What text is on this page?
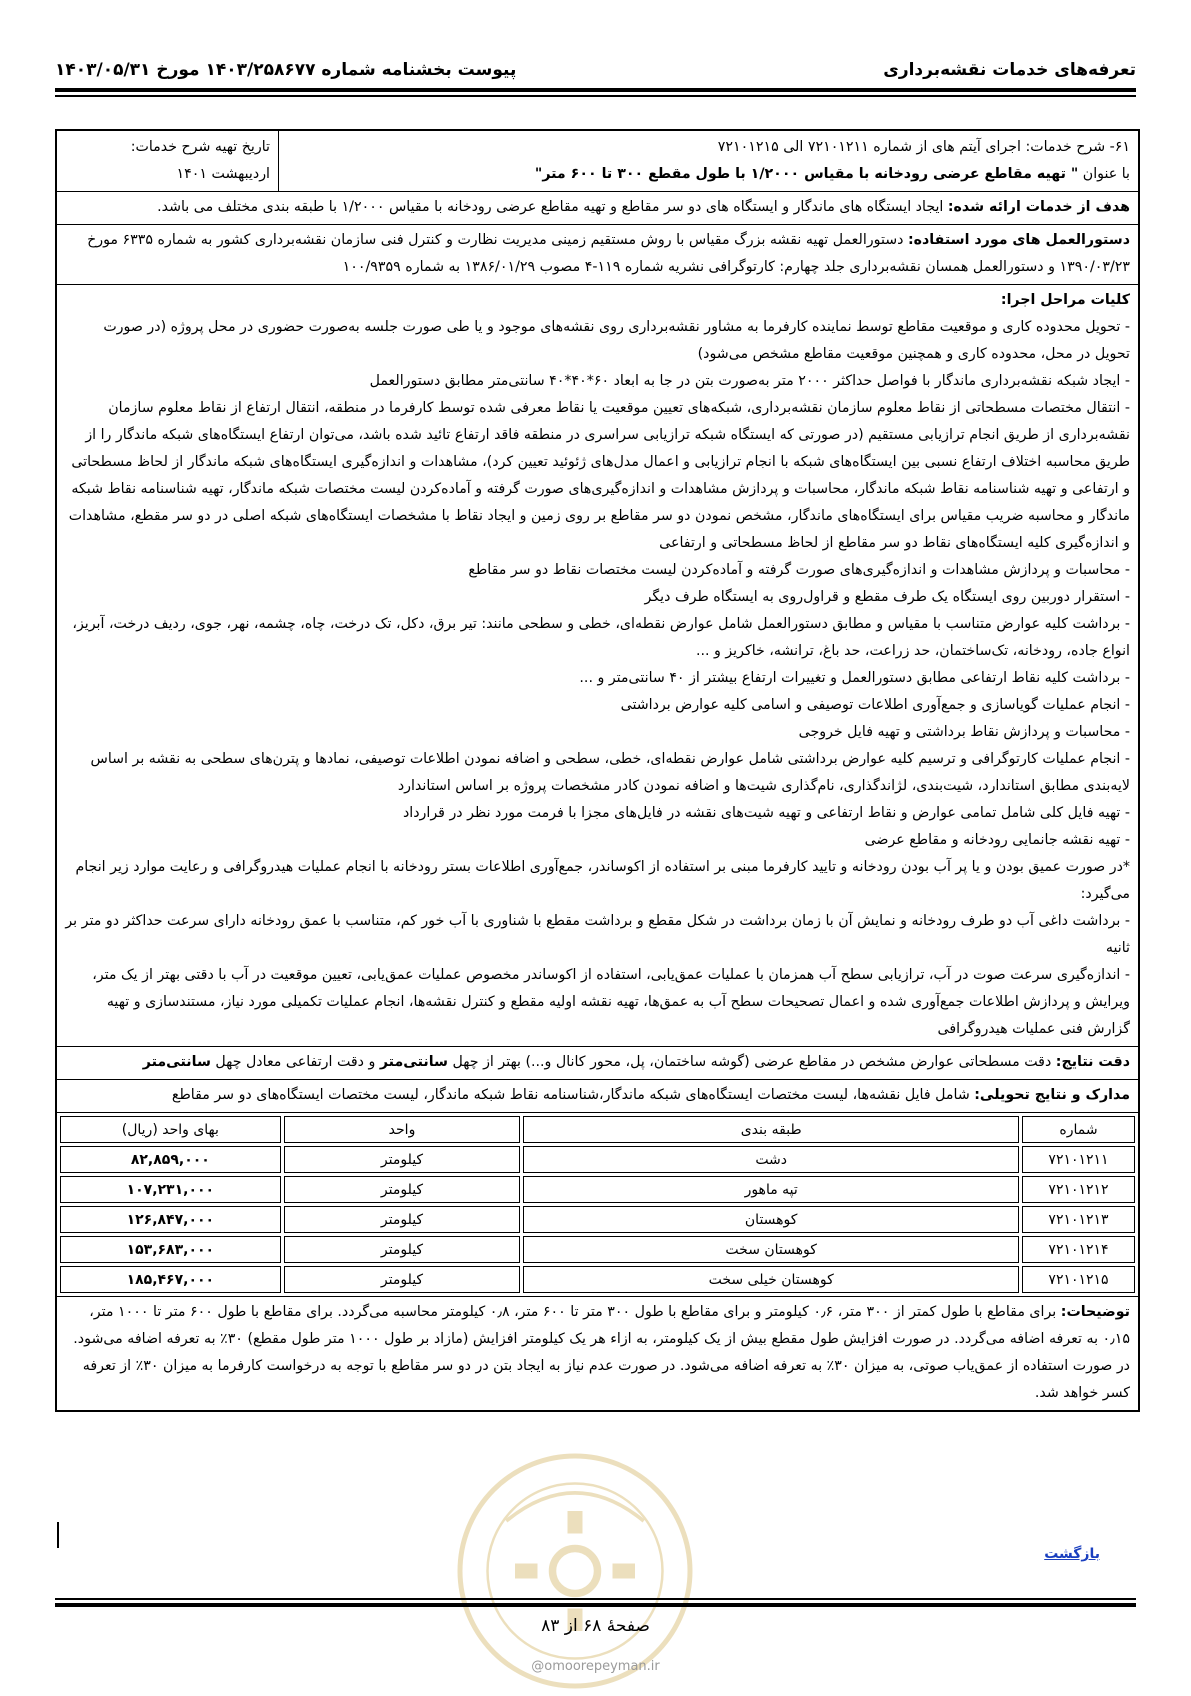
تعرفه‌های خدمات نقشه‌برداری
پیوست بخشنامه شماره ۱۴۰۳/۲۵۸۶۷۷ مورخ ۱۴۰۳/۰۵/۳۱
۶۱- شرح خدمات: اجرای آیتم های از شماره ۷۲۱۰۱۲۱۱ الی ۷۲۱۰۱۲۱۵
با عنوان " تهیه مقاطع عرضی رودخانه با مقیاس ۱/۲۰۰۰ با طول مقطع ۳۰۰ تا ۶۰۰ متر"
تاریخ تهیه شرح خدمات:
اردیبهشت ۱۴۰۱
هدف از خدمات ارائه شده: ایجاد ایستگاه های ماندگار و ایستگاه های دو سر مقاطع و تهیه مقاطع عرضی رودخانه با مقیاس ۱/۲۰۰۰ با طبقه بندی مختلف می باشد.
دستورالعمل های مورد استفاده: دستورالعمل تهیه نقشه بزرگ مقیاس با روش مستقیم زمینی مدیریت نظارت و کنترل فنی سازمان نقشه‌برداری کشور به شماره ۶۳۳۵ مورخ ۱۳۹۰/۰۳/۲۳ و دستورالعمل همسان نقشه‌برداری جلد چهارم: کارتوگرافی نشریه شماره ۱۱۹-۴ مصوب ۱۳۸۶/۰۱/۲۹ به شماره ۱۰۰/۹۳۵۹

کلیات مراحل اجرا:

- تحویل محدوده کاری و موقعیت مقاطع توسط نماینده کارفرما به مشاور نقشه‌برداری روی نقشه‌های موجود و یا طی صورت جلسه به‌صورت حضوری در محل پروژه (در صورت تحویل در محل، محدوده کاری و همچنین موقعیت مقاطع مشخص می‌شود)

- ایجاد شبکه نقشه‌برداری ماندگار با فواصل حداکثر ۲۰۰۰ متر به‌صورت بتن در جا به ابعاد ۶۰*۴۰*۴۰ سانتی‌متر مطابق دستورالعمل

- انتقال مختصات مسطحاتی از نقاط معلوم سازمان نقشه‌برداری، شبکه‌های تعیین موقعیت یا نقاط معرفی شده توسط کارفرما در منطقه، انتقال ارتفاع از نقاط معلوم سازمان نقشه‌برداری از طریق انجام ترازیابی مستقیم (در صورتی که ایستگاه شبکه ترازیابی سراسری در منطقه فاقد ارتفاع تائید شده باشد، می‌توان ارتفاع ایستگاه‌های شبکه ماندگار را از طریق محاسبه اختلاف ارتفاع نسبی بین ایستگاه‌های شبکه با انجام ترازیابی و اعمال مدل‌های ژئوئید تعیین کرد)، مشاهدات و اندازه‌گیری ایستگاه‌های شبکه ماندگار از لحاظ مسطحاتی و ارتفاعی و تهیه شناسنامه نقاط شبکه ماندگار، محاسبات و پردازش مشاهدات و اندازه‌گیری‌های صورت گرفته و آماده‌کردن لیست مختصات شبکه ماندگار، تهیه شناسنامه نقاط شبکه ماندگار و محاسبه ضریب مقیاس برای ایستگاه‌های ماندگار، مشخص نمودن دو سر مقاطع بر روی زمین و ایجاد نقاط با مشخصات ایستگاه‌های شبکه اصلی در دو سر مقطع، مشاهدات و اندازه‌گیری کلیه ایستگاه‌های نقاط دو سر مقاطع از لحاظ مسطحاتی و ارتفاعی

- محاسبات و پردازش مشاهدات و اندازه‌گیری‌های صورت گرفته و آماده‌کردن لیست مختصات نقاط دو سر مقاطع

- استقرار دوربین روی ایستگاه یک طرف مقطع و قراول‌روی به ایستگاه طرف دیگر

- برداشت کلیه عوارض متناسب با مقیاس و مطابق دستورالعمل شامل عوارض نقطه‌ای، خطی و سطحی مانند: تیر برق، دکل، تک درخت، چاه، چشمه، نهر، جوی، ردیف درخت، آبریز، انواع جاده، رودخانه، تک‌ساختمان، حد زراعت، حد باغ، ترانشه، خاکریز و ...

- برداشت کلیه نقاط ارتفاعی مطابق دستورالعمل و تغییرات ارتفاع بیشتر از ۴۰ سانتی‌متر و ...

- انجام عملیات گویاسازی و جمع‌آوری اطلاعات توصیفی و اسامی کلیه عوارض برداشتی

- محاسبات و پردازش نقاط برداشتی و تهیه فایل خروجی

- انجام عملیات کارتوگرافی و ترسیم کلیه عوارض برداشتی شامل عوارض نقطه‌ای، خطی، سطحی و اضافه نمودن اطلاعات توصیفی، نمادها و پترن‌های سطحی به نقشه بر اساس لایه‌بندی مطابق استاندارد، شیت‌بندی، لژاندگذاری، نام‌گذاری شیت‌ها و اضافه نمودن کادر مشخصات پروژه بر اساس استاندارد

- تهیه فایل کلی شامل تمامی عوارض و نقاط ارتفاعی و تهیه شیت‌های نقشه در فایل‌های مجزا با فرمت مورد نظر در قرارداد

- تهیه نقشه جانمایی رودخانه و مقاطع عرضی

*در صورت عمیق بودن و یا پر آب بودن رودخانه و تایید کارفرما مبنی بر استفاده از اکوساندر، جمع‌آوری اطلاعات بستر رودخانه با انجام عملیات هیدروگرافی و رعایت موارد زیر انجام می‌گیرد:

- برداشت داغی آب دو طرف رودخانه و نمایش آن با زمان برداشت در شکل مقطع و برداشت مقطع با شناوری با آب خور کم، متناسب با عمق رودخانه دارای سرعت حداکثر دو متر بر ثانیه

- اندازه‌گیری سرعت صوت در آب، ترازیابی سطح آب همزمان با عملیات عمق‌یابی، استفاده از اکوساندر مخصوص عملیات عمق‌یابی، تعیین موقعیت در آب با دقتی بهتر از یک متر، ویرایش و پردازش اطلاعات جمع‌آوری شده و اعمال تصحیحات سطح آب به عمق‌ها، تهیه نقشه اولیه مقطع و کنترل نقشه‌ها، انجام عملیات تکمیلی مورد نیاز، مستندسازی و تهیه گزارش فنی عملیات هیدروگرافی

دقت نتایج: دقت مسطحاتی عوارض مشخص در مقاطع عرضی (گوشه ساختمان، پل، محور کانال و...) بهتر از چهل سانتی‌متر و دقت ارتفاعی معادل چهل سانتی‌متر
مدارک و نتایج تحویلی: شامل فایل نقشه‌ها، لیست مختصات ایستگاه‌های شبکه ماندگار،شناسنامه نقاط شبکه ماندگار، لیست مختصات ایستگاه‌های دو سر مقاطع
شماره	طبقه بندی	واحد	بهای واحد (ریال)
۷۲۱۰۱۲۱۱	دشت	کیلومتر	۸۲,۸۵۹,۰۰۰
۷۲۱۰۱۲۱۲	تپه ماهور	کیلومتر	۱۰۷,۲۳۱,۰۰۰
۷۲۱۰۱۲۱۳	کوهستان	کیلومتر	۱۲۶,۸۴۷,۰۰۰
۷۲۱۰۱۲۱۴	کوهستان سخت	کیلومتر	۱۵۳,۶۸۳,۰۰۰
۷۲۱۰۱۲۱۵	کوهستان خیلی سخت	کیلومتر	۱۸۵,۴۶۷,۰۰۰
توضیحات: برای مقاطع با طول کمتر از ۳۰۰ متر، ۰٫۶ کیلومتر و برای مقاطع با طول ۳۰۰ متر تا ۶۰۰ متر، ۰٫۸ کیلومتر محاسبه می‌گردد. برای مقاطع با طول ۶۰۰ متر تا ۱۰۰۰ متر، ۰٫۱۵ به تعرفه اضافه می‌گردد. در صورت افزایش طول مقطع بیش از یک کیلومتر، به ازاء هر یک کیلومتر افزایش (مازاد بر طول ۱۰۰۰ متر طول مقطع) ۳۰٪ به تعرفه اضافه می‌شود. در صورت استفاده از عمق‌یاب صوتی، به میزان ۳۰٪ به تعرفه اضافه می‌شود. در صورت عدم نیاز به ایجاد بتن در دو سر مقاطع با توجه به درخواست کارفرما به میزان ۳۰٪ از تعرفه کسر خواهد شد.
بازگشت
صفحهٔ ۶۸ از ۸۳
@omoorepeyman.ir
